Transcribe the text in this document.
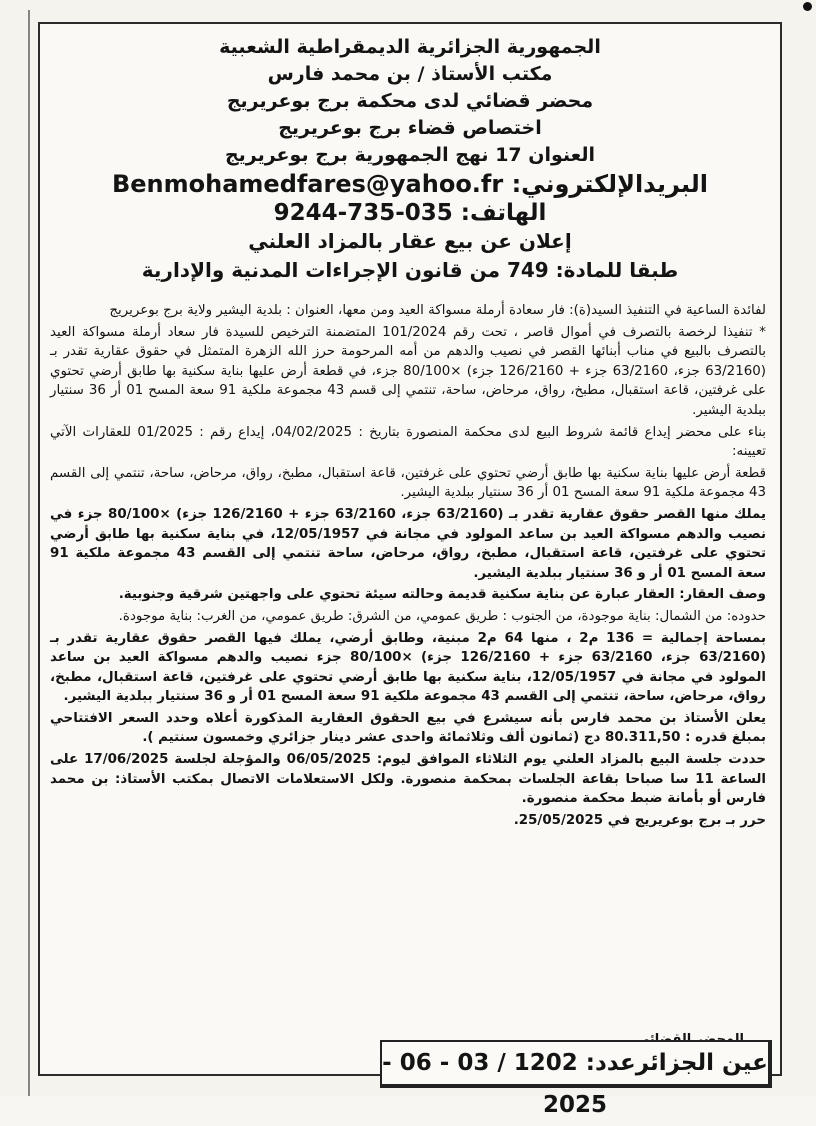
الجمهورية الجزائرية الديمقراطية الشعبية
مكتب الأستاذ / بن محمد فارس
محضر قضائي لدى محكمة برج بوعريريج
اختصاص قضاء برج بوعريريج
العنوان 17 نهج الجمهورية برج بوعريريج
البريدالإلكتروني: Benmohamedfares@yahoo.fr
الهاتف: 9244-735-035
إعلان عن بيع عقار بالمزاد العلني
طبقا للمادة: 749 من قانون الإجراءات المدنية والإدارية

لفائدة الساعية في التنفيذ السيد(ة): فار سعادة أرملة مسواكة العيد ومن معها، العنوان : بلدية اليشير ولاية برج بوعريريج

* تنفيذا لرخصة بالتصرف في أموال قاصر ، تحت رقم 101/2024 المتضمنة الترخيص للسيدة فار سعاد أرملة مسواكة العيد بالتصرف بالبيع في مناب أبنائها القصر في نصيب والدهم من أمه المرحومة حرز الله الزهرة المتمثل في حقوق عقارية تقدر بـ (63/2160 جزء، 63/2160 جزء + 126/2160 جزء) ×80/100 جزء، في قطعة أرض عليها بناية سكنية بها طابق أرضي تحتوي على غرفتين، قاعة استقبال، مطبخ، رواق، مرحاض، ساحة، تنتمي إلى قسم 43 مجموعة ملكية 91 سعة المسح 01 أر 36 سنتيار ببلدية اليشير.

بناء على محضر إيداع قائمة شروط البيع لدى محكمة المنصورة بتاريخ : 04/02/2025، إيداع رقم : 01/2025 للعقارات الآتي تعيينه:

قطعة أرض عليها بناية سكنية بها طابق أرضي تحتوي على غرفتين، قاعة استقبال، مطبخ، رواق، مرحاض، ساحة، تنتمي إلى القسم 43 مجموعة ملكية 91 سعة المسح 01 أر 36 سنتيار ببلدية اليشير.

يملك منها القصر حقوق عقارية تقدر بـ (63/2160 جزء، 63/2160 جزء + 126/2160 جزء) ×80/100 جزء في نصيب والدهم مسواكة العيد بن ساعد المولود في مجانة في 12/05/1957، في بناية سكنية بها طابق أرضي تحتوي على غرفتين، قاعة استقبال، مطبخ، رواق، مرحاض، ساحة تنتمي إلى القسم 43 مجموعة ملكية 91 سعة المسح 01 أر و 36 سنتيار ببلدية اليشير.

وصف العقار: العقار عبارة عن بناية سكنية قديمة وحالته سيئة تحتوي على واجهتين شرقية وجنوبية.

حدوده: من الشمال: بناية موجودة، من الجنوب : طريق عمومي، من الشرق: طريق عمومي، من الغرب: بناية موجودة.

بمساحة إجمالية = 136 م2 ، منها 64 م2 مبنية، وطابق أرضي، يملك فيها القصر حقوق عقارية تقدر بـ (63/2160 جزء، 63/2160 جزء + 126/2160 جزء) ×80/100 جزء نصيب والدهم مسواكة العيد بن ساعد المولود في مجانة في 12/05/1957، بناية سكنية بها طابق أرضي تحتوي على غرفتين، قاعة استقبال، مطبخ، رواق، مرحاض، ساحة، تنتمي إلى القسم 43 مجموعة ملكية 91 سعة المسح 01 أر و 36 سنتيار ببلدية اليشير.

يعلن الأستاذ بن محمد فارس بأنه سيشرع في بيع الحقوق العقارية المذكورة أعلاه وحدد السعر الافتتاحي بمبلغ قدره : 80.311,50 دج (ثمانون ألف وثلاثمائة واحدى عشر دينار جزائري وخمسون سنتيم ).

حددت جلسة البيع بالمزاد العلني يوم الثلاثاء الموافق ليوم: 06/05/2025 والمؤجلة لجلسة 17/06/2025 على الساعة 11 سا صباحا بقاعة الجلسات بمحكمة منصورة. ولكل الاستعلامات الاتصال بمكتب الأستاذ: بن محمد فارس أو بأمانة ضبط محكمة منصورة.

حرر بـ برج بوعريريج في 25/05/2025.

عين الجزائرعدد: 1202 / 03 - 06 - 2025
